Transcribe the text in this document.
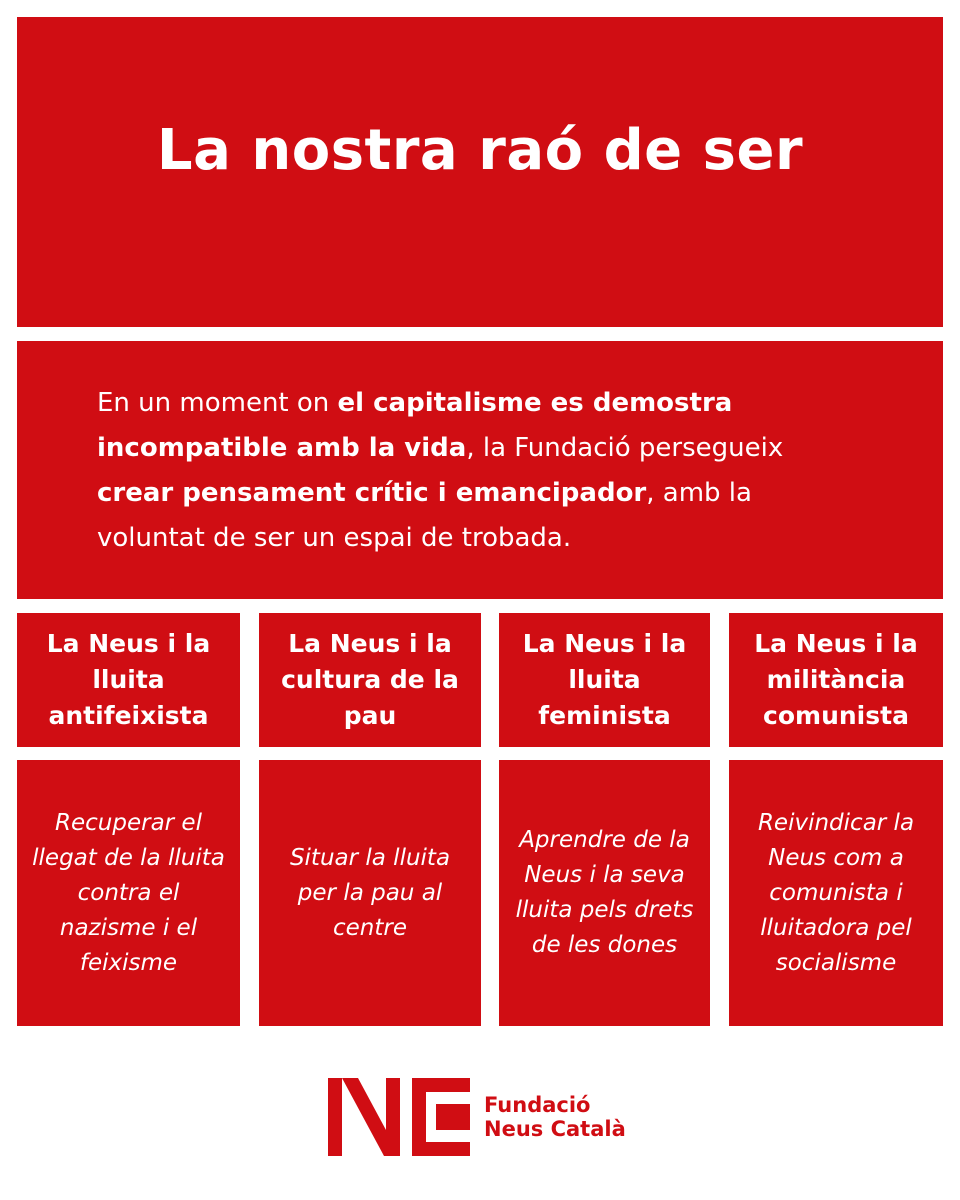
La nostra raó de ser

En un moment on el capitalisme es demostra incompatible amb la vida, la Fundació persegueix crear pensament crític i emancipador, amb la voluntat de ser un espai de trobada.

La Neus i la lluita antifeixista
La Neus i la cultura de la pau
La Neus i la lluita feminista
La Neus i la militància comunista
Recuperar el llegat de la lluita contra el nazisme i el feixisme
Situar la lluita per la pau al centre
Aprendre de la Neus i la seva lluita pels drets de les dones
Reivindicar la Neus com a comunista i lluitadora pel socialisme
Fundació
Neus Català
